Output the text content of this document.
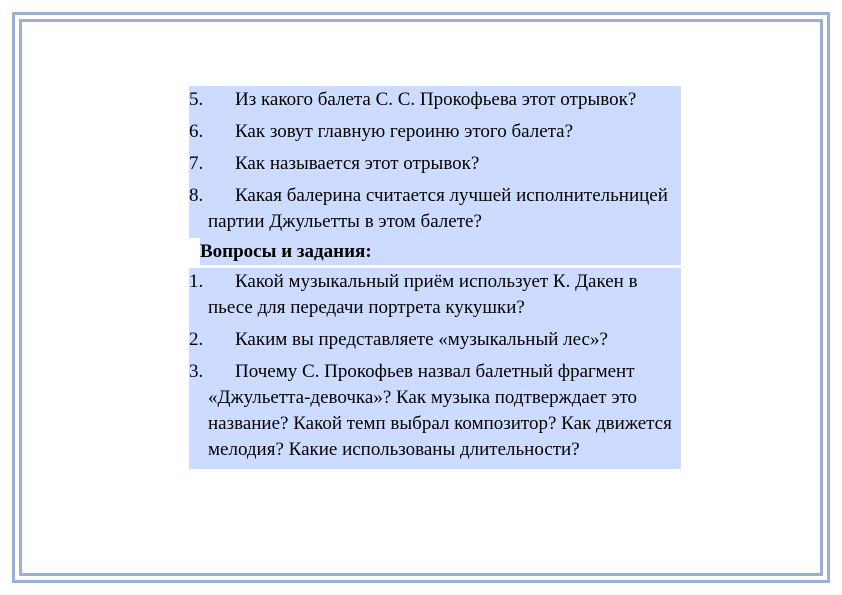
5.	Из какого балета С. С. Прокофьева этот отрывок?
6.	Как зовут главную героиню этого балета?
7.	Как называется этот отрывок?
8.	Какая балерина считается лучшей исполнительницей партии Джульетты в этом балете?
Вопросы и задания:
1.	Какой музыкальный приём использует К. Дакен в пьесе для передачи портрета кукушки?
2.	Каким вы представляете «музыкальный лес»?
3.	Почему С. Прокофьев назвал балетный фрагмент «Джульетта-девочка»? Как музыка подтверждает это название? Какой темп выбрал композитор? Как движется мелодия? Какие использованы длительности?
